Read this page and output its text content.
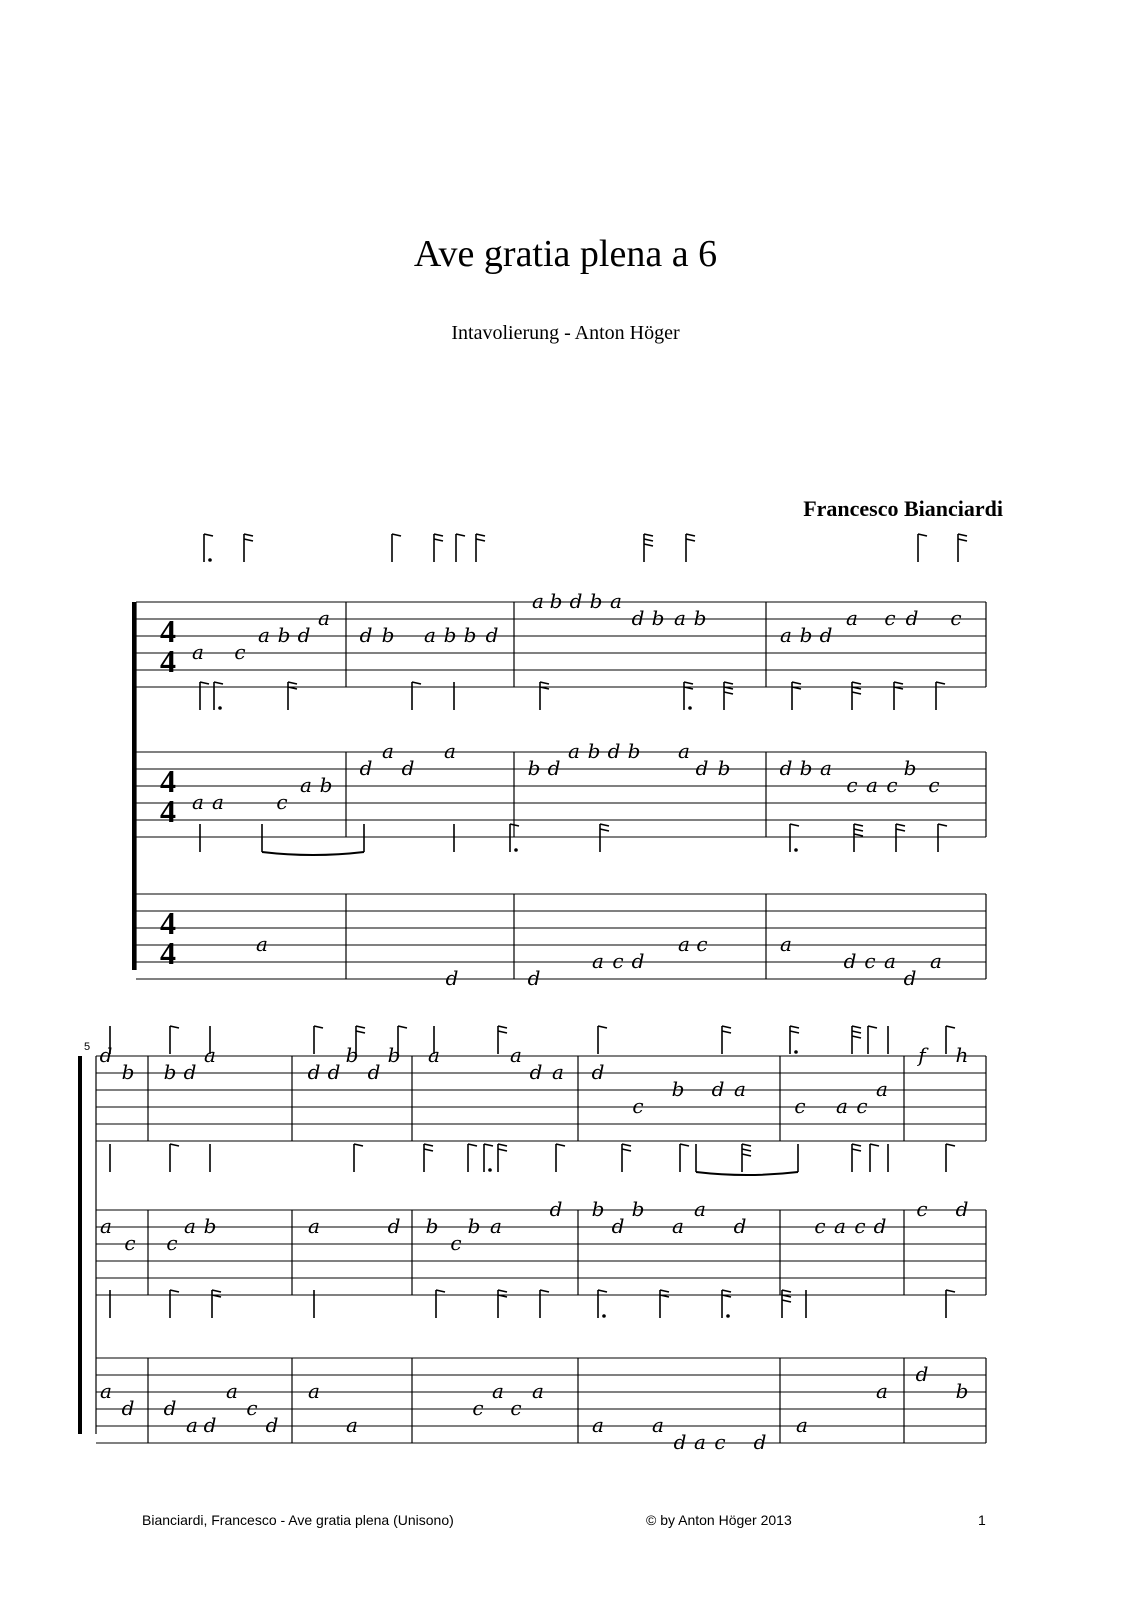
Ave gratia plena a 6
Intavolierung - Anton Höger
Francesco Bianciardi
4
4 a c
a b d
a
d b a b b d
a b d b a
d b a b
a b d
a c d c
4
4 a a	c
a b
d
a
d
a
b d
a b d b a
d b d b a
c a c
b
c
4
4	a
d	d
a c d
a c	a
d c a
d
a
5 d
b b d
a
d d
b
d
b a	a
d a d
c
b d a
c a c
a
f h
a
c c
a b	a	d b
c
b a
d b
d
b
a
a
d	c a c d
c d
a
d d
a d
a
c
d
a
a
c
a
c
a
a a
d a c d
a
a
d
b
Bianciardi, Francesco - Ave gratia plena (Unisono)	© by Anton Höger 2013	1
